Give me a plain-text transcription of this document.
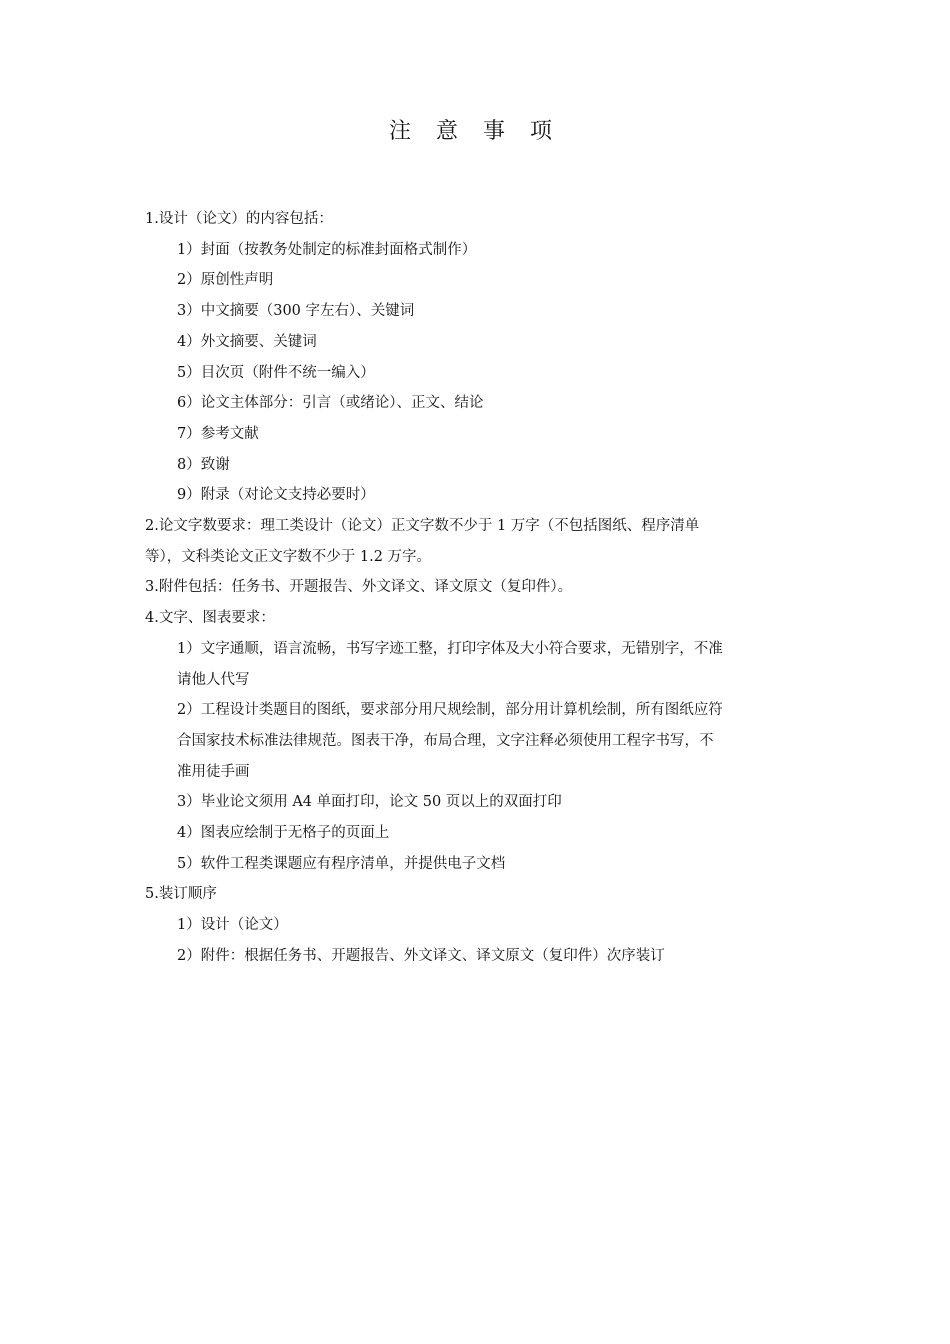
注 意 事 项

1.设计（论文）的内容包括：

1）封面（按教务处制定的标准封面格式制作）

2）原创性声明

3）中文摘要（300 字左右）、关键词

4）外文摘要、关键词

5）目次页（附件不统一编入）

6）论文主体部分：引言（或绪论）、正文、结论

7）参考文献

8）致谢

9）附录（对论文支持必要时）

2.论文字数要求：理工类设计（论文）正文字数不少于 1 万字（不包括图纸、程序清单

等），文科类论文正文字数不少于 1.2 万字。

3.附件包括：任务书、开题报告、外文译文、译文原文（复印件）。

4.文字、图表要求：

1）文字通顺，语言流畅，书写字迹工整，打印字体及大小符合要求，无错别字，不准

请他人代写

2）工程设计类题目的图纸，要求部分用尺规绘制，部分用计算机绘制，所有图纸应符

合国家技术标准法律规范。图表干净，布局合理，文字注释必须使用工程字书写，不

准用徒手画

3）毕业论文须用 A4 单面打印，论文 50 页以上的双面打印

4）图表应绘制于无格子的页面上

5）软件工程类课题应有程序清单，并提供电子文档

5.装订顺序

1）设计（论文）

2）附件：根据任务书、开题报告、外文译文、译文原文（复印件）次序装订
